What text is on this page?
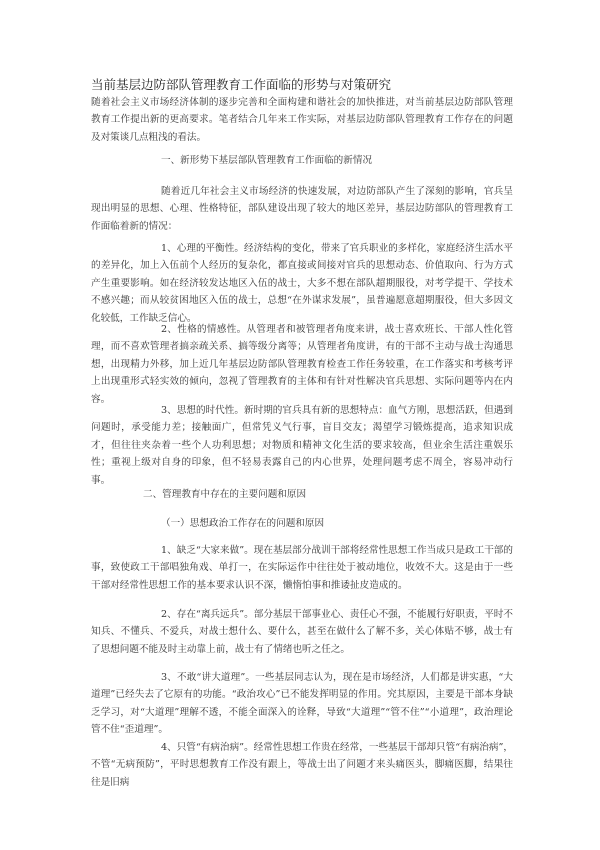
当前基层边防部队管理教育工作面临的形势与对策研究

随着社会主义市场经济体制的逐步完善和全面构建和谐社会的加快推进，对当前基层边防部队管理教育工作提出新的更高要求。笔者结合几年来工作实际，对基层边防部队管理教育工作存在的问题及对策谈几点粗浅的看法。

一、新形势下基层部队管理教育工作面临的新情况

随着近几年社会主义市场经济的快速发展，对边防部队产生了深刻的影响，官兵呈现出明显的思想、心理、性格特征，部队建设出现了较大的地区差异，基层边防部队的管理教育工作面临着新的情况：

1、心理的平衡性。经济结构的变化，带来了官兵职业的多样化，家庭经济生活水平的差异化，加上入伍前个人经历的复杂化，都直接或间接对官兵的思想动态、价值取向、行为方式产生重要影响。如在经济较发达地区入伍的战士，大多不想在部队超期服役，对考学提干、学技术不感兴趣；而从较贫困地区入伍的战士，总想“在外谋求发展”，虽普遍愿意超期服役，但大多因文化较低，工作缺乏信心。

2、性格的情感性。从管理者和被管理者角度来讲，战士喜欢班长、干部人性化管理，而不喜欢管理者搞亲疏关系、搞等级分离等；从管理者角度讲，有的干部不主动与战士沟通思想，出现精力外移，加上近几年基层边防部队管理教育检查工作任务较重，在工作落实和考核考评上出现重形式轻实效的倾向，忽视了管理教育的主体和有针对性解决官兵思想、实际问题等内在内容。

3、思想的时代性。新时期的官兵具有新的思想特点：血气方刚，思想活跃，但遇到问题时，承受能力差；接触面广，但常凭义气行事，盲目交友；渴望学习锻炼提高，追求知识成才，但往往夹杂着一些个人功利思想；对物质和精神文化生活的要求较高，但业余生活注重娱乐性；重视上级对自身的印象，但不轻易表露自己的内心世界，处理问题考虑不周全，容易冲动行事。

二、管理教育中存在的主要问题和原因
（一）思想政治工作存在的问题和原因

1、缺乏“大家来做”。现在基层部分战训干部将经常性思想工作当成只是政工干部的事，致使政工干部唱独角戏、单打一，在实际运作中往往处于被动地位，收效不大。这是由于一些干部对经常性思想工作的基本要求认识不深，懒惰怕事和推诿扯皮造成的。

2、存在“离兵远兵”。部分基层干部事业心、责任心不强，不能履行好职责，平时不知兵、不懂兵、不爱兵，对战士想什么、要什么，甚至在做什么了解不多，关心体贴不够，战士有了思想问题不能及时主动靠上前，战士有了情绪也听之任之。

3、不敢“讲大道理”。一些基层同志认为，现在是市场经济，人们都是讲实惠，“大道理”已经失去了它原有的功能。“政治攻心”已不能发挥明显的作用。究其原因，主要是干部本身缺乏学习，对“大道理”理解不透，不能全面深入的诠释，导致“大道理”“管不住”“小道理”，政治理论管不住“歪道理”。

4、只管“有病治病”。经常性思想工作贵在经常，一些基层干部却只管“有病治病”，不管“无病预防”，平时思想教育工作没有跟上，等战士出了问题才来头痛医头，脚痛医脚，结果往往是旧病
